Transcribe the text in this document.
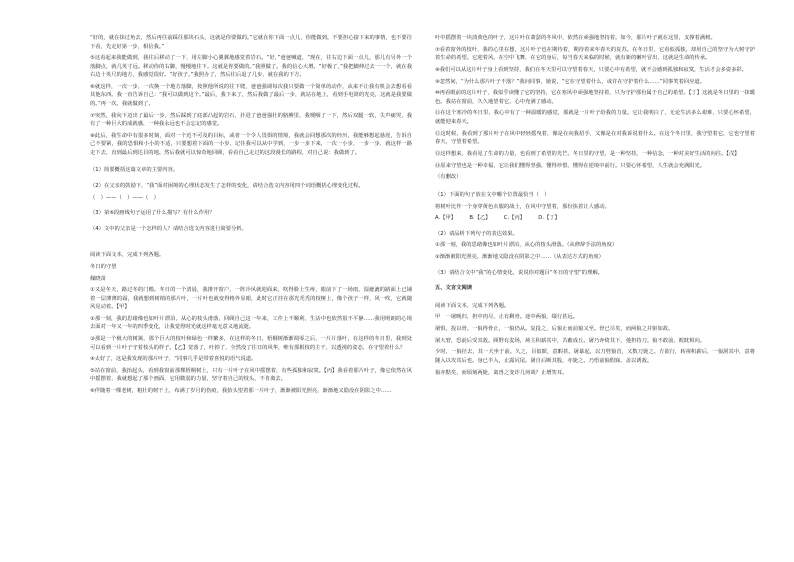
“好的，就在抹过角去，然后再往前踩往那块石头，这就是你要做的。”它就在你下面一点儿，你能做到。不要担心接下来的事情，也不要往下看，先走好第一步，相信我。”

⑤这看起来我能做到，我往后移动了一下，用左脚小心翼翼地感觉着岩石。“好，”爸爸喊道，“现在，往右边下面一点儿，那儿有另外一个落脚点，就几英寸远。移动你的右脚，慢慢地往下。这就是你要做的。”我照做了。我的信心大增。“好极了，”我把脚伸过去一一个，就在我右边十英尺的地方，我感觉很好。“好孩子。”我照办了，然后往后退了几步，就在我的下方。

⑥就这样，一次一步，一次换一个地方落脚，按照他所说的往下爬，爸爸强调每次我只要做一个简单的动作，从来不让我有机会去想看看其他东西。我一直告诉自己：“我可以做到这个。”最后，我下来了，然后我做了最后一步，就站在地上，看到手电筒的光亮，这就是我要做的。”再一次，我就做到了。

⑦突然，我向下迈出了最后一步，然后踩到了底部凸起的岩石，扑进了爸爸强壮的胳膊里，我哽咽了一下，然后双腿一软，失声痛哭，我有了一种巨大的成就感，一种我永远也不会忘记的感觉。

⑧此后，我生命中有很多时刻，面对一个近不可及的目标，或者一个令人畏惧的情境，我就会回想那次的经历，我能够想起悬崖，告诉自己不要紧，我的恐惧和小小的不适，只要想着下面的一小步，记住我可以从中学到，一步一步下来，一次一小步，一步一步，就这样一路走下去，直到最后到达目的地。然后我就可以惊奇地回顾，看看自己走过的这段漫长的路程，对自己说：我做到了。

（1）简要概括这篇文章的主要内容。

（2）在父亲的鼓励下，“我”面对困境的心理状态发生了怎样的变化，请结合选文内容用四个词语概括心理变化过程。

（　）——（　）——（　）

（3）第⑥段画线句子运用了什么描写？有什么作用？

（4）文中的父亲是一个怎样的人？请结合选文内容进行简要分析。

阅读下面文本，完成下列各题。

冬日的守望

佩晓苗

①又是冬天，路过冬的门槛。冬日的一个清晨，我推开窗户，一阵冷风就迎面来，吹得脸上生疼，眼前下了一场雨，湿漉漉的路面上已铺着一层薄薄的霜，我就想到树梢的那片叶，一片叶也就变得格外显眼，此时它正挂在那光秃秃的枝桠上，像个孩子一样，风一吹，它就随风晃动着。【甲】

②那一刻，我的思绪像也如叶片漂泊，从心的枝头滑落，回顾自己这一年来，工作上不顺利，生活中也依然很不平静……我用明朗的心境去面对一年又一年的四季变化，让我觉得时光就这样毫无意义地流逝。

③那是一个极大的树篱，那个巨大的枝叶和绿色一样繁多，在这样的冬日，梧桐树渐渐凋零之后，一片片落叶，在这样的冬日里，我到处可以看到一片叶子守着枝头的样子。【乙】觉落了，叶掉了，全然没了往日的风华，唯有那根枝的主干，以透视的姿态，在守望着什么？

④太好了，这是我发现的那片叶子，“同事几乎是带着喜悦的语气说道。

⑤站在窗前，我抬起头，看到我窗前那棵梧桐树上，只有一片叶子在风中摇摆着，有些孤独和寂寞。【丙】我看着那片叶子，像它依然在风中摇摆着，我就想起了那个画面，它用微弱的力量，坚守着自己的枝头，不肯离去。

⑥伴随着一棵老树，粗壮的树干上，布满了岁月的伤痕，我抬头望着那一片叶子，渐渐被阳光照亮，渐渐地又隐没在阴影之中……

叶中摇摆着一块淡黄色的叶子，这片叶在萧瑟的冬风中，依然在顽强地坚持着。如今，那片叶子就在这里，支撑着满树。

⑦看着窗外的枝叶，我的心里在想，这片叶子也在期待着，期待着来年春天的复苏。在冬日里，它看似孤独，却用自己的坚守为大树守护着生命的希望。它迎着风，在空中飞舞，在它的身后，每当春天来临的时候，就有新的嫩叶冒出，这就是生命的传承。

⑧我们可以从这片叶子身上看到坚持，我们在冬天里可以守望着春天，只要心中有希望，就不会感到孤独和寂寞，生活才会多姿多彩。

⑨忽然间，“为什么那片叶子不落？”我问同事，她说，“它在守望着什么，或许在守护着什么……”同事笑着回应道。

⑩再看眼前的这片叶子，我似乎读懂了它的坚持，它在寒风中顽强地坚持着，只为守护那份属于自己的希望。【丁】这就是冬日里的一抹暖色。我站在窗前，久久地望着它，心中充满了感动。

⑪在这个寒冷的冬日里，我心中有了一种温暖的感觉，那就是一片叶子给我的力量。它让我明白了，无论生活多么艰难，只要心怀希望，就能迎来春天。

⑫这时候，我看到了那片叶子在风中轻轻摇曳着，像是在向我招手，又像是在对我诉说着什么。在这个冬日里，我守望着它，它也守望着春天，守望着希望。

⑬这样想来，我看见了生命的力量，也看到了希望的光芒。冬日里的守望，是一种坚持，一种信念，一种对美好生活的向往。【戊】

⑭原来守望也是一种幸福，它让我们懂得坚强，懂得珍惜，懂得在逆境中前行。只要心怀希望，人生就会充满阳光。

（有删改）

（1）下面的句子放在文中哪个位置最恰当（　）

将树叶比作一个身穿黄色衣服的战士，在风中守望着，那份执着让人感动。

A.【甲】　　　B.【乙】　　　C.【丙】　　　D.【丁】

（2）请品析下列句子的表达效果。

①那一刻，我的思绪像也如叶片漂泊，从心的枝头滑落。（从修辞手法的角度）

②渐渐被阳光照亮，渐渐地又隐没在阴影之中……（从表达方式的角度）

（3）请结合文中“我”的心情变化，说说你对题目“冬日的守望”的理解。

五、文言文阅读

阅读下面文本，完成下列各题。

甲　一屠晚归，担中肉尽，止有剩骨。途中两狼，缀行甚远。

屠惧，投以骨。一狼得骨止，一狼仍从。复投之，后狼止而前狼又至。骨已尽矣，而两狼之并驱如故。

屠大窘，恐前后受其敌。顾野有麦场，场主积薪其中，苫蔽成丘。屠乃奔倚其下，弛担持刀。狼不敢前，眈眈相向。

少时，一狼径去，其一犬坐于前。久之，目似瞑，意暇甚。屠暴起，以刀劈狼首，又数刀毙之。方欲行，转视积薪后，一狼洞其中，意将隧入以攻其后也。身已半入，止露尻尾。屠自后断其股，亦毙之。乃悟前狼假寐，盖以诱敌。

狼亦黠矣，而顷刻两毙，禽兽之变诈几何哉？止增笑耳。
